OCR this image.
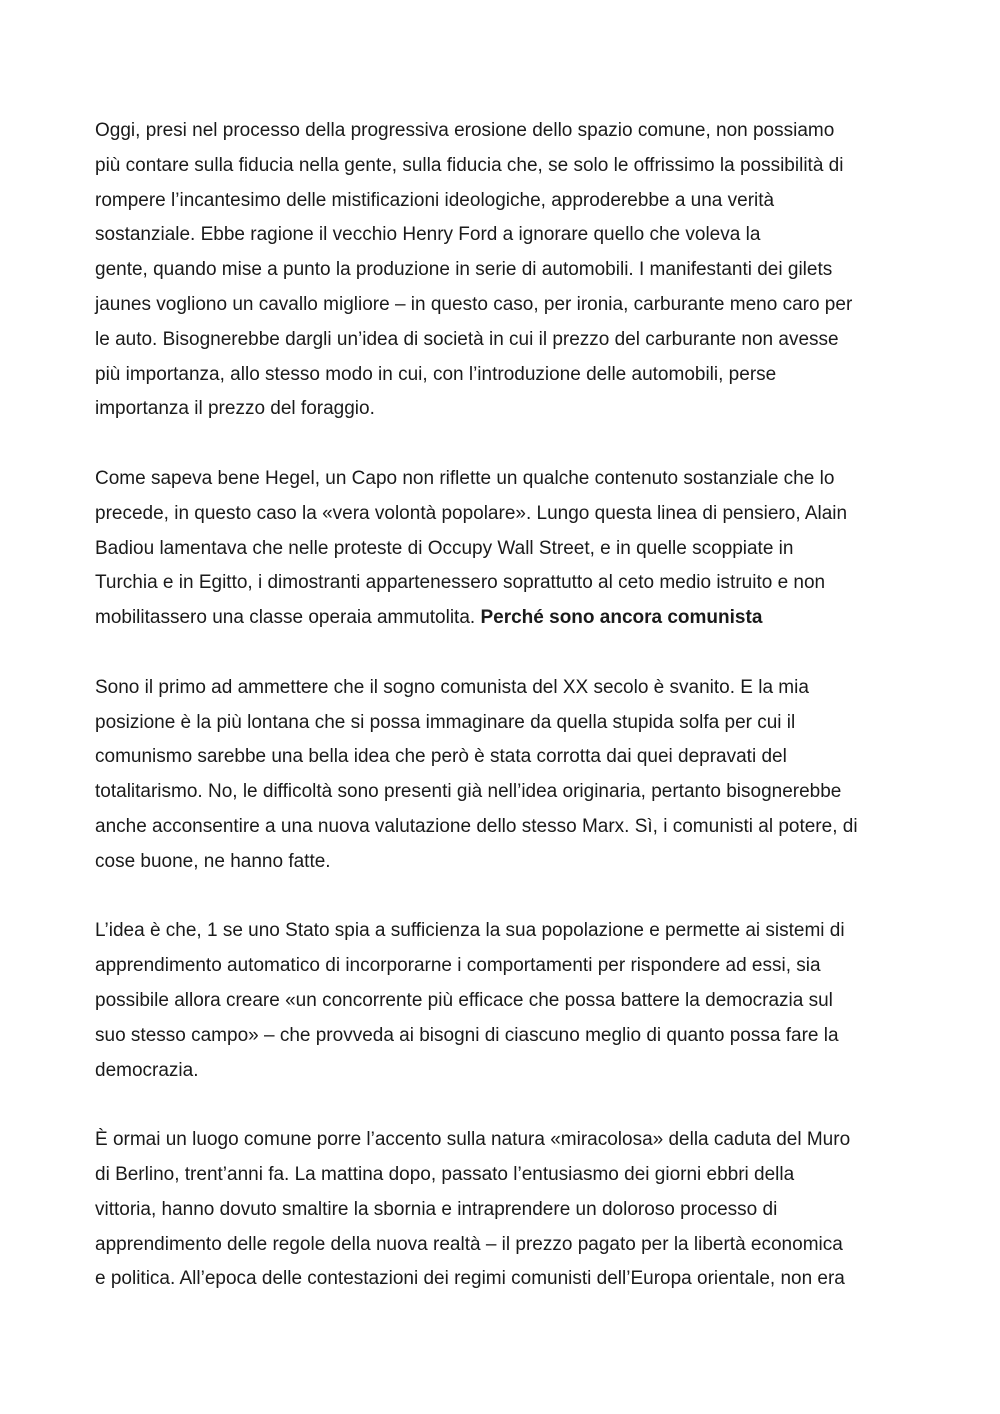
Oggi, presi nel processo della progressiva erosione dello spazio comune, non possiamo
più contare sulla fiducia nella gente, sulla fiducia che, se solo le offrissimo la possibilità di
rompere l’incantesimo delle mistificazioni ideologiche, approderebbe a una verità
sostanziale. Ebbe ragione il vecchio Henry Ford a ignorare quello che voleva la
gente, quando mise a punto la produzione in serie di automobili. I manifestanti dei gilets
jaunes vogliono un cavallo migliore – in questo caso, per ironia, carburante meno caro per
le auto. Bisognerebbe dargli un’idea di società in cui il prezzo del carburante non avesse
più importanza, allo stesso modo in cui, con l’introduzione delle automobili, perse
importanza il prezzo del foraggio.

Come sapeva bene Hegel, un Capo non riflette un qualche contenuto sostanziale che lo
precede, in questo caso la «vera volontà popolare». Lungo questa linea di pensiero, Alain
Badiou lamentava che nelle proteste di Occupy Wall Street, e in quelle scoppiate in
Turchia e in Egitto, i dimostranti appartenessero soprattutto al ceto medio istruito e non
mobilitassero una classe operaia ammutolita. Perché sono ancora comunista

Sono il primo ad ammettere che il sogno comunista del XX secolo è svanito. E la mia
posizione è la più lontana che si possa immaginare da quella stupida solfa per cui il
comunismo sarebbe una bella idea che però è stata corrotta dai quei depravati del
totalitarismo. No, le difficoltà sono presenti già nell’idea originaria, pertanto bisognerebbe
anche acconsentire a una nuova valutazione dello stesso Marx. Sì, i comunisti al potere, di
cose buone, ne hanno fatte.

L’idea è che, 1 se uno Stato spia a sufficienza la sua popolazione e permette ai sistemi di
apprendimento automatico di incorporarne i comportamenti per rispondere ad essi, sia
possibile allora creare «un concorrente più efficace che possa battere la democrazia sul
suo stesso campo» – che provveda ai bisogni di ciascuno meglio di quanto possa fare la
democrazia.

È ormai un luogo comune porre l’accento sulla natura «miracolosa» della caduta del Muro
di Berlino, trent’anni fa. La mattina dopo, passato l’entusiasmo dei giorni ebbri della
vittoria, hanno dovuto smaltire la sbornia e intraprendere un doloroso processo di
apprendimento delle regole della nuova realtà – il prezzo pagato per la libertà economica
e politica. All’epoca delle contestazioni dei regimi comunisti dell’Europa orientale, non era
